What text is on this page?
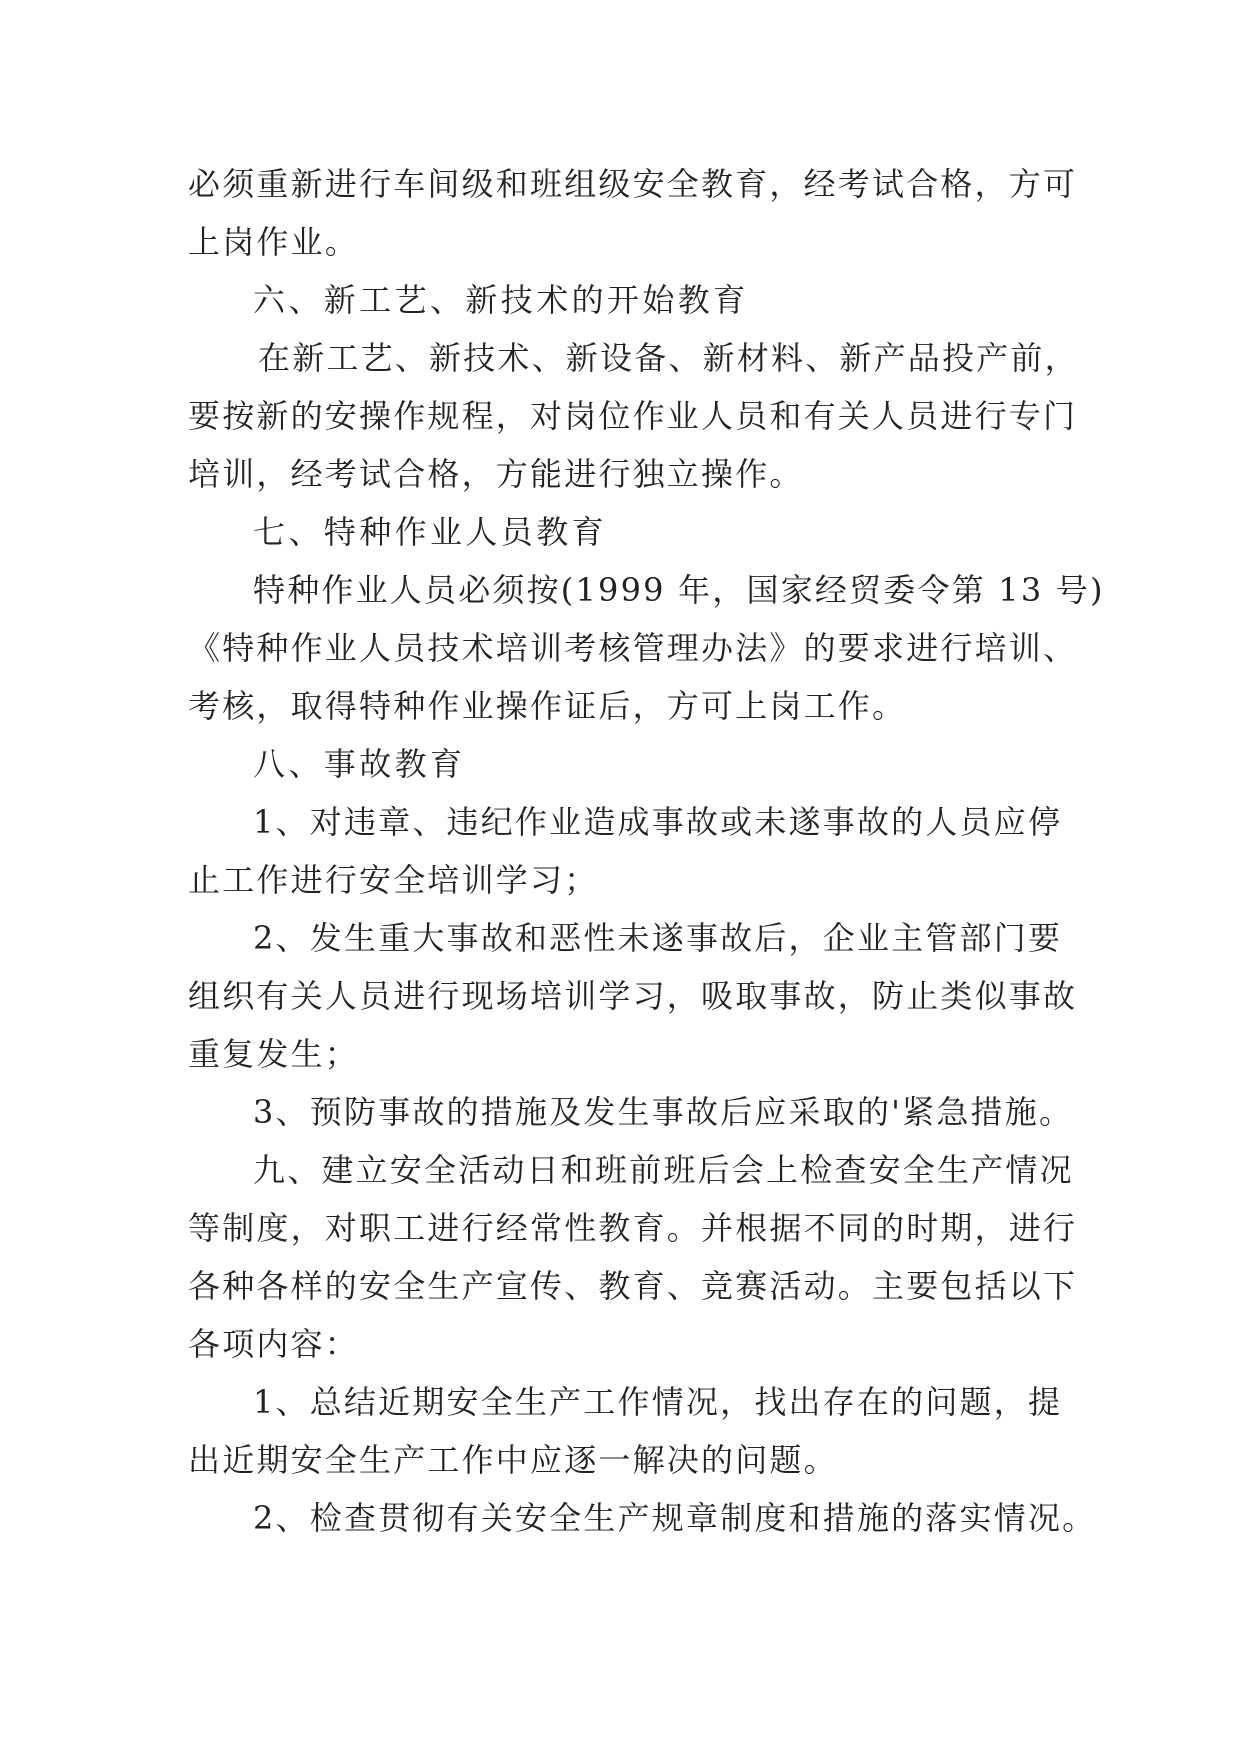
必须重新进行车间级和班组级安全教育，经考试合格，方可
上岗作业。
六、新工艺、新技术的开始教育
在新工艺、新技术、新设备、新材料、新产品投产前，
要按新的安操作规程，对岗位作业人员和有关人员进行专门
培训，经考试合格，方能进行独立操作。
七、特种作业人员教育
特种作业人员必须按(1999 年，国家经贸委令第 13 号)
《特种作业人员技术培训考核管理办法》的要求进行培训、
考核，取得特种作业操作证后，方可上岗工作。
八、事故教育
1、对违章、违纪作业造成事故或未遂事故的人员应停
止工作进行安全培训学习；
2、发生重大事故和恶性未遂事故后，企业主管部门要
组织有关人员进行现场培训学习，吸取事故，防止类似事故
重复发生；
3、预防事故的措施及发生事故后应采取的'紧急措施。
九、建立安全活动日和班前班后会上检查安全生产情况
等制度，对职工进行经常性教育。并根据不同的时期，进行
各种各样的安全生产宣传、教育、竞赛活动。主要包括以下
各项内容：
1、总结近期安全生产工作情况，找出存在的问题，提
出近期安全生产工作中应逐一解决的问题。
2、检查贯彻有关安全生产规章制度和措施的落实情况。
